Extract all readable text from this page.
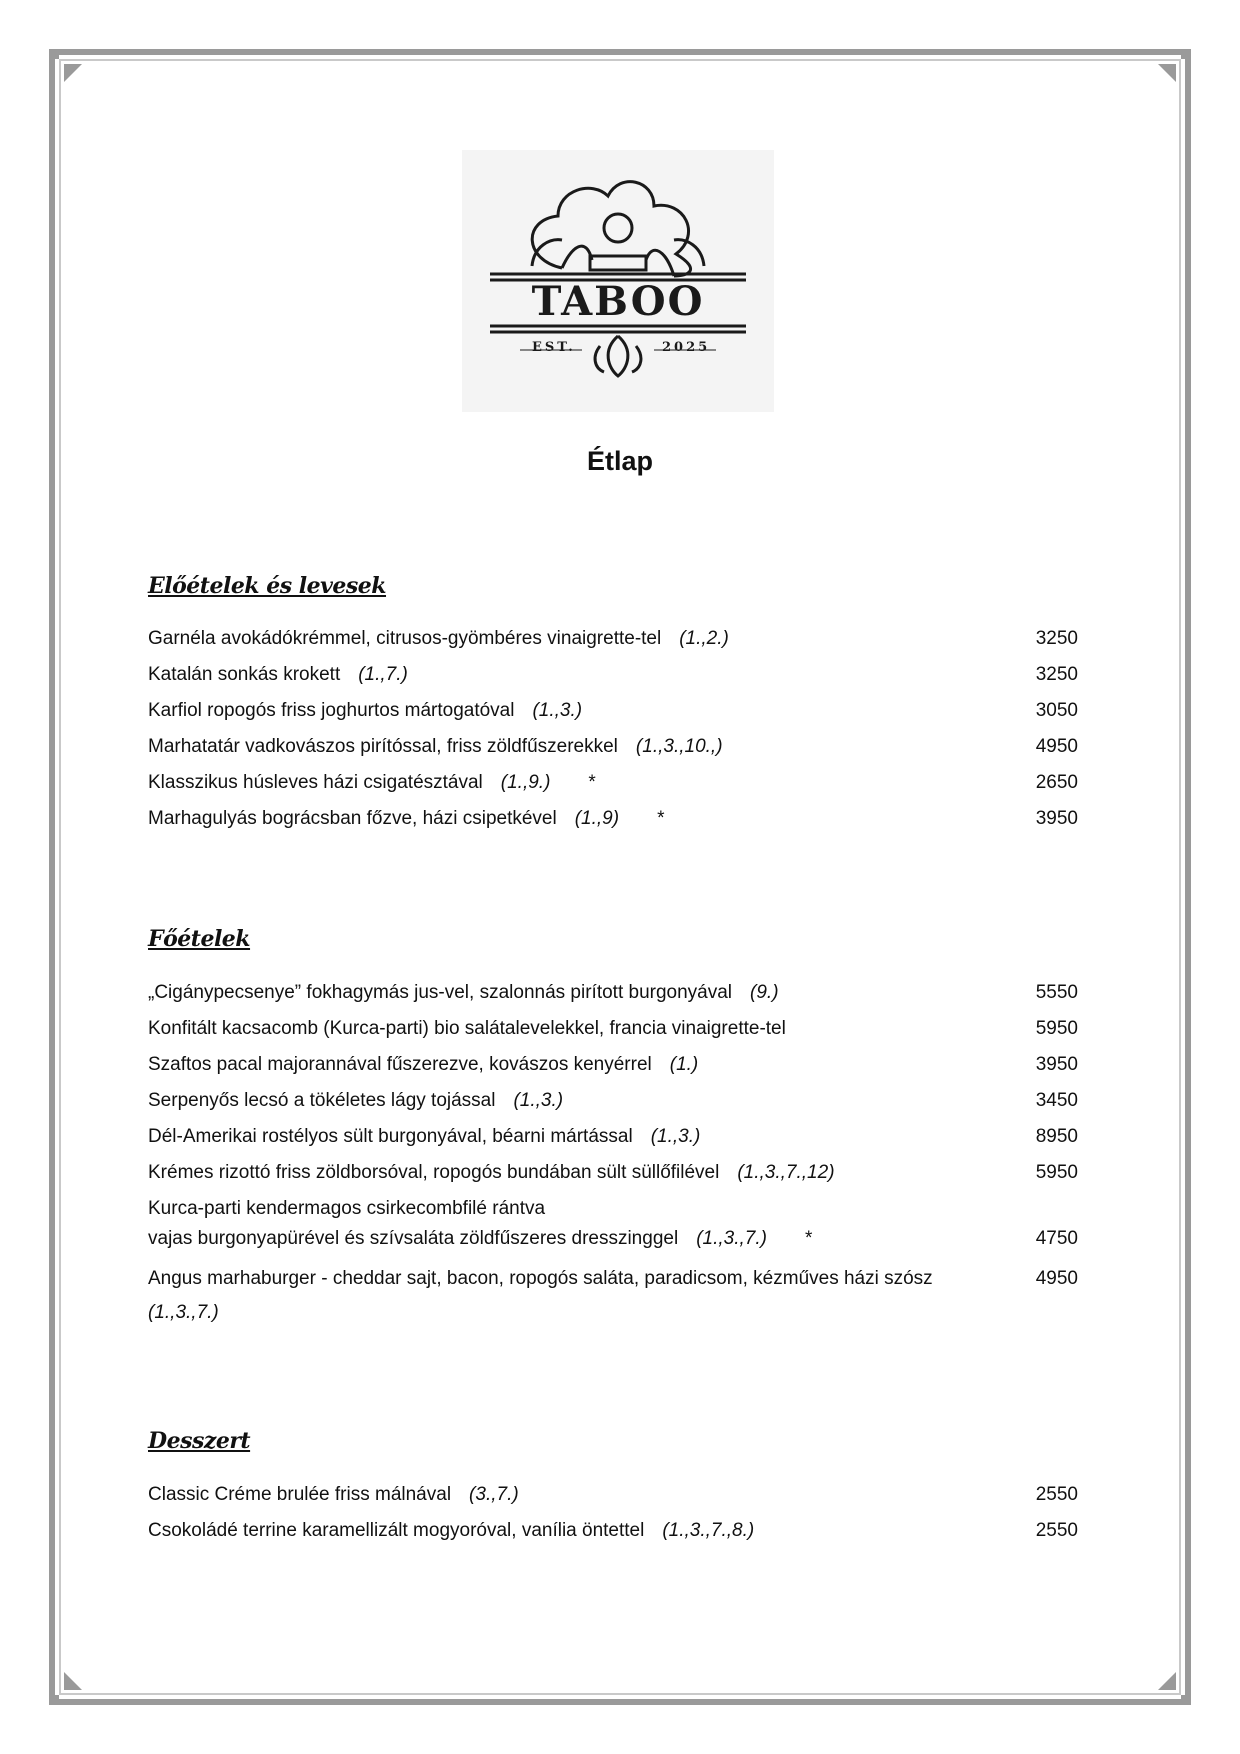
TABOO
EST.	2025
Étlap
Előételek és levesek
Garnéla avokádókrémmel, citrusos-gyömbéres vinaigrette-tel (1.,2.)	3250
Katalán sonkás krokett (1.,7.)	3250
Karfiol ropogós friss joghurtos mártogatóval (1.,3.)	3050
Marhatatár vadkovászos pirítóssal, friss zöldfűszerekkel (1.,3.,10.,)	4950
Klasszikus húsleves házi csigatésztával (1.,9.) *	2650
Marhagulyás bográcsban főzve, házi csipetkével (1.,9) *	3950
Főételek
„Cigánypecsenye” fokhagymás jus-vel, szalonnás pirított burgonyával (9.)	5550
Konfitált kacsacomb (Kurca-parti) bio salátalevelekkel, francia vinaigrette-tel	5950
Szaftos pacal majorannával fűszerezve, kovászos kenyérrel (1.)	3950
Serpenyős lecsó a tökéletes lágy tojással (1.,3.)	3450
Dél-Amerikai rostélyos sült burgonyával, béarni mártással (1.,3.)	8950
Krémes rizottó friss zöldborsóval, ropogós bundában sült süllőfilével (1.,3.,7.,12)	5950
Kurca-parti kendermagos csirkecombfilé rántva
vajas burgonyapürével és szívsaláta zöldfűszeres dresszinggel (1.,3.,7.) *	4750
Angus marhaburger - cheddar sajt, bacon, ropogós saláta, paradicsom, kézműves házi szósz	4950
(1.,3.,7.)
Desszert
Classic Créme brulée friss málnával (3.,7.)	2550
Csokoládé terrine karamellizált mogyoróval, vanília öntettel (1.,3.,7.,8.)	2550
